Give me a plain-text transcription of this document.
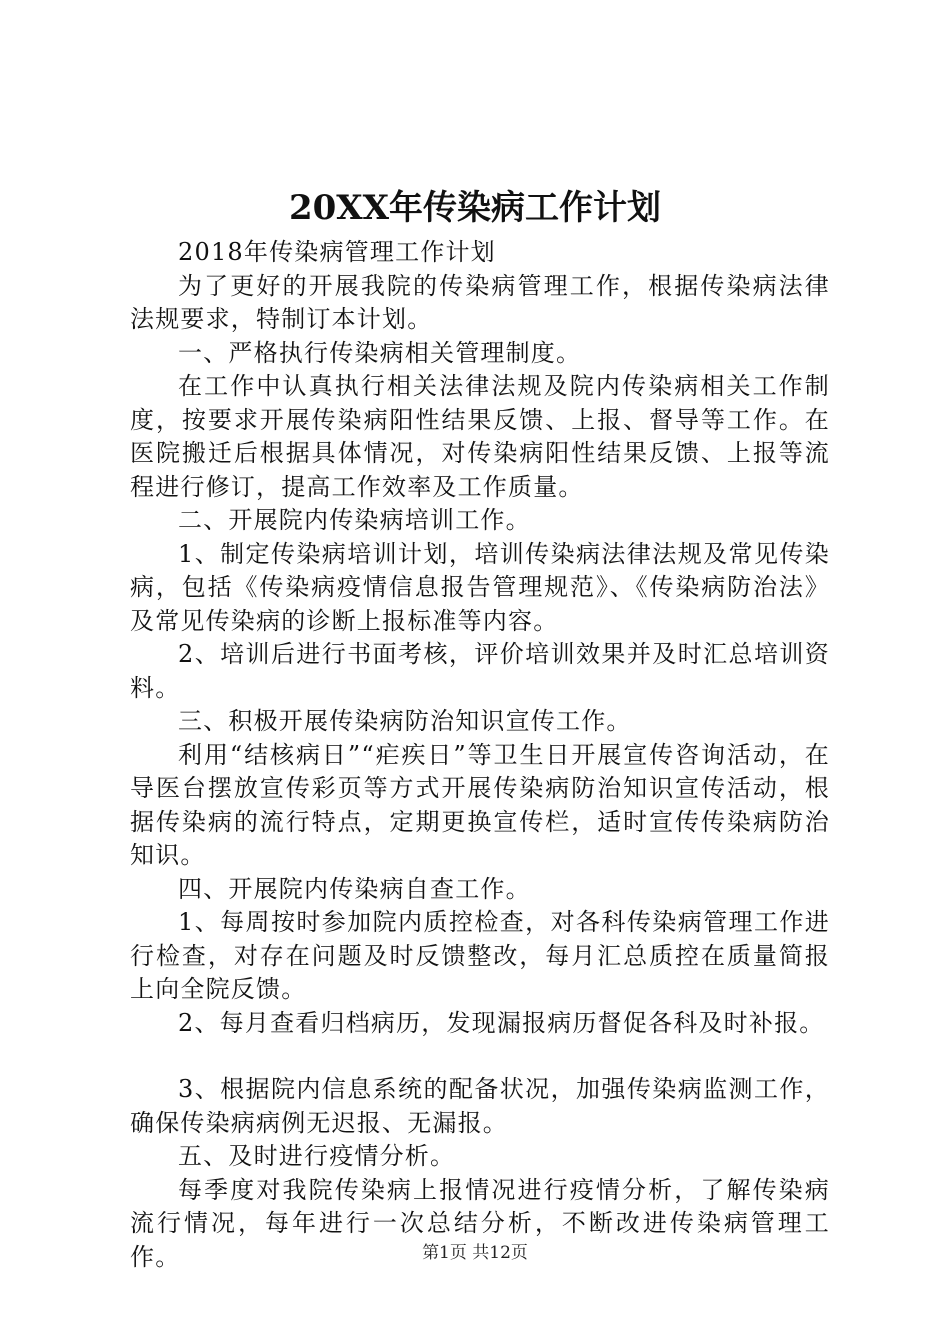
20XX年传染病工作计划

2018年传染病管理工作计划

为了更好的开展我院的传染病管理工作，根据传染病法律法规要求，特制订本计划。

一、严格执行传染病相关管理制度。

在工作中认真执行相关法律法规及院内传染病相关工作制度，按要求开展传染病阳性结果反馈、上报、督导等工作。在医院搬迁后根据具体情况，对传染病阳性结果反馈、上报等流程进行修订，提高工作效率及工作质量。

二、开展院内传染病培训工作。

1、制定传染病培训计划，培训传染病法律法规及常见传染病，包括《传染病疫情信息报告管理规范》、《传染病防治法》及常见传染病的诊断上报标准等内容。

2、培训后进行书面考核，评价培训效果并及时汇总培训资料。

三、积极开展传染病防治知识宣传工作。

利用“结核病日”“疟疾日”等卫生日开展宣传咨询活动，在导医台摆放宣传彩页等方式开展传染病防治知识宣传活动，根据传染病的流行特点，定期更换宣传栏，适时宣传传染病防治知识。

四、开展院内传染病自查工作。

1、每周按时参加院内质控检查，对各科传染病管理工作进行检查，对存在问题及时反馈整改，每月汇总质控在质量简报上向全院反馈。

2、每月查看归档病历，发现漏报病历督促各科及时补报。

3、根据院内信息系统的配备状况，加强传染病监测工作，确保传染病病例无迟报、无漏报。

五、及时进行疫情分析。

每季度对我院传染病上报情况进行疫情分析，了解传染病流行情况，每年进行一次总结分析，不断改进传染病管理工作。	第1页 共12页
